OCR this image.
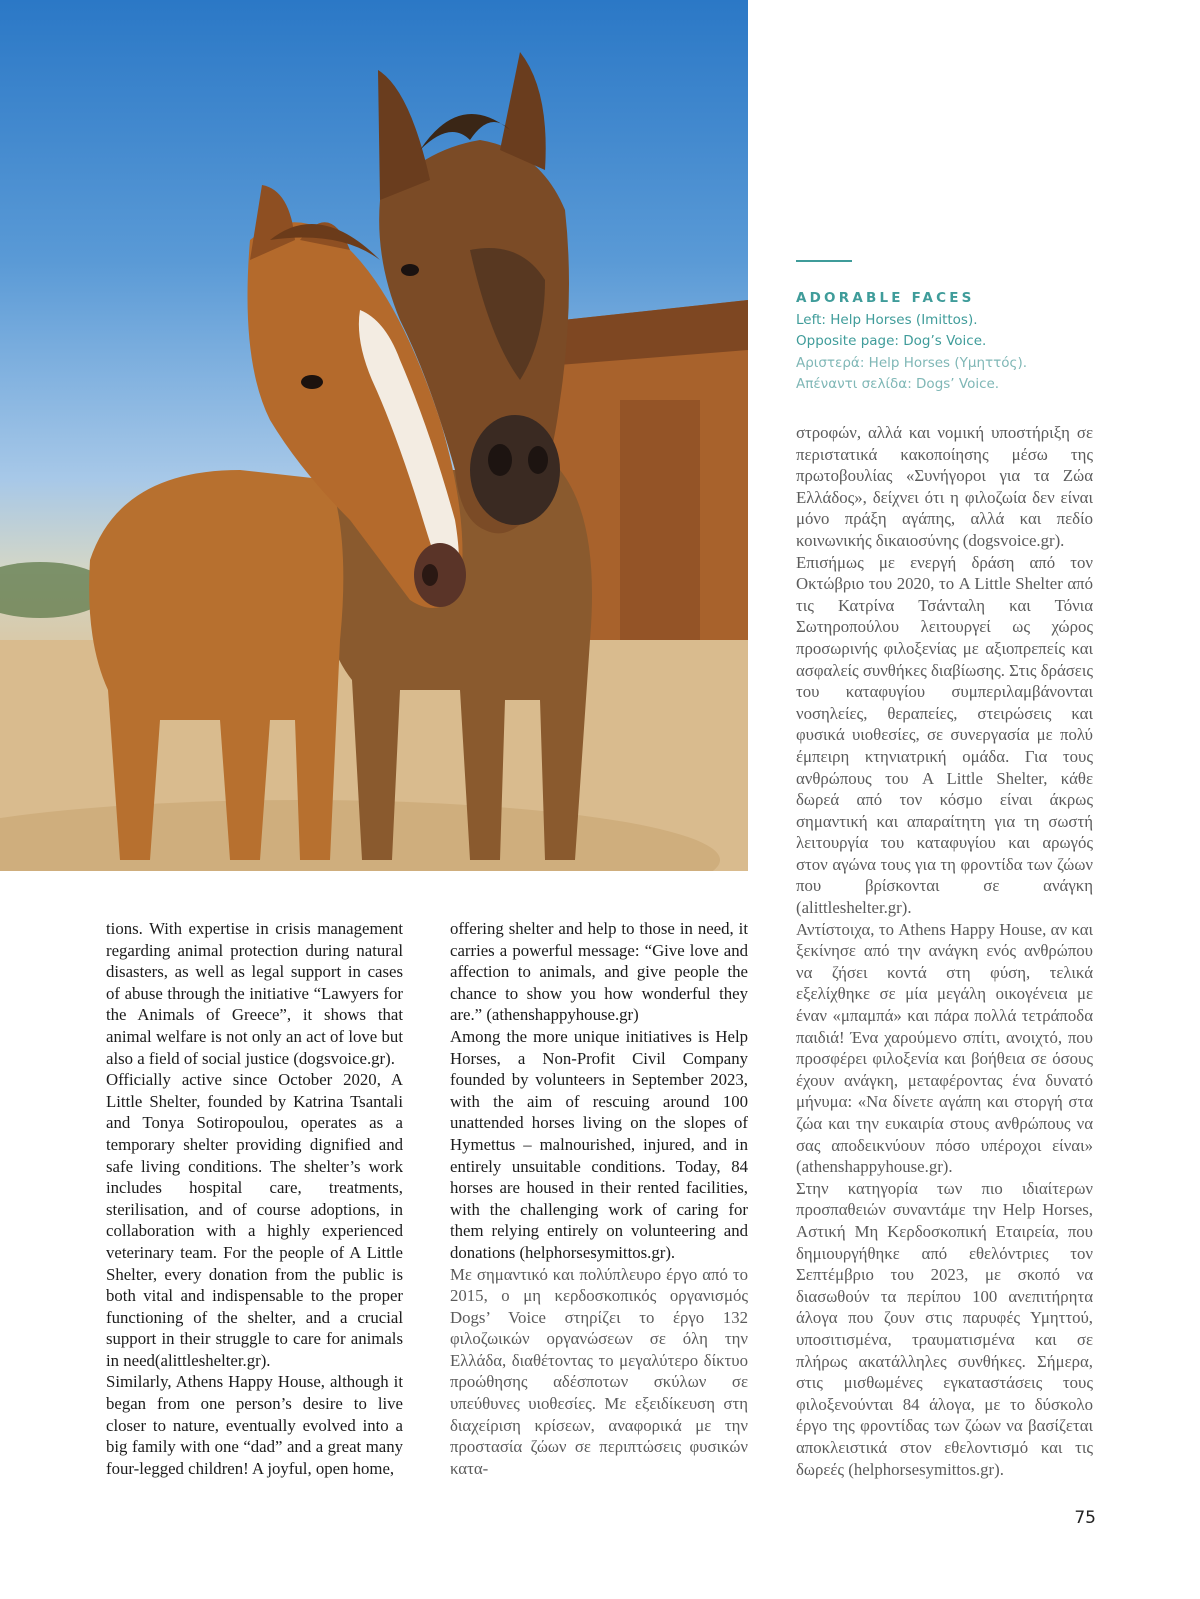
ADORABLE FACES
Left: Help Horses (Imittos).
Opposite page: Dog’s Voice.
Αριστερά: Help Horses (Υμηττός).
Απέναντι σελίδα: Dogs’ Voice.

tions. With expertise in crisis management regarding animal protection during natural disasters, as well as legal support in cases of abuse through the initiative “Lawyers for the Animals of Greece”, it shows that animal welfare is not only an act of love but also a field of social justice (dogsvoice.gr).

Officially active since October 2020, A Little Shelter, founded by Katrina Tsantali and Tonya Sotiropoulou, operates as a temporary shelter providing dignified and safe living conditions. The shelter’s work includes hospital care, treatments, sterilisation, and of course adoptions, in collaboration with a highly experienced veterinary team. For the people of A Little Shelter, every donation from the public is both vital and indispensable to the proper functioning of the shelter, and a crucial support in their struggle to care for animals in need(alittleshelter.gr).

Similarly, Athens Happy House, although it began from one person’s desire to live closer to nature, eventually evolved into a big family with one “dad” and a great many four-legged children! A joyful, open home,

offering shelter and help to those in need, it carries a powerful message: “Give love and affection to animals, and give people the chance to show you how wonderful they are.” (athenshappyhouse.gr)

Among the more unique initiatives is Help Horses, a Non-Profit Civil Company founded by volunteers in September 2023, with the aim of rescuing around 100 unattended horses living on the slopes of Hymettus – malnourished, injured, and in entirely unsuitable conditions. Today, 84 horses are housed in their rented facilities, with the challenging work of caring for them relying entirely on volunteering and donations (helphorsesymittos.gr).

Με σημαντικό και πολύπλευρο έργο από το 2015, ο μη κερδοσκοπικός οργανισμός Dogs’ Voice στηρίζει το έργο 132 φιλοζωικών οργανώσεων σε όλη την Ελλάδα, διαθέτοντας το μεγαλύτερο δίκτυο προώθησης αδέσποτων σκύλων σε υπεύθυνες υιοθεσίες. Με εξειδίκευση στη διαχείριση κρίσεων, αναφορικά με την προστασία ζώων σε περιπτώσεις φυσικών κατα-

στροφών, αλλά και νομική υποστήριξη σε περιστατικά κακοποίησης μέσω της πρωτοβουλίας «Συνήγοροι για τα Ζώα Ελλάδος», δείχνει ότι η φιλοζωία δεν είναι μόνο πράξη αγάπης, αλλά και πεδίο κοινωνικής δικαιοσύνης (dogsvoice.gr).

Επισήμως με ενεργή δράση από τον Οκτώβριο του 2020, το A Little Shelter από τις Κατρίνα Τσάνταλη και Τόνια Σωτηροπούλου λειτουργεί ως χώρος προσωρινής φιλοξενίας με αξιοπρεπείς και ασφαλείς συνθήκες διαβίωσης. Στις δράσεις του καταφυγίου συμπεριλαμβάνονται νοσηλείες, θεραπείες, στειρώσεις και φυσικά υιοθεσίες, σε συνεργασία με πολύ έμπειρη κτηνιατρική ομάδα. Για τους ανθρώπους του A Little Shelter, κάθε δωρεά από τον κόσμο είναι άκρως σημαντική και απαραίτητη για τη σωστή λειτουργία του καταφυγίου και αρωγός στον αγώνα τους για τη φροντίδα των ζώων που βρίσκονται σε ανάγκη (alittleshelter.gr).

Αντίστοιχα, το Athens Happy House, αν και ξεκίνησε από την ανάγκη ενός ανθρώπου να ζήσει κοντά στη φύση, τελικά εξελίχθηκε σε μία μεγάλη οικογένεια με έναν «μπαμπά» και πάρα πολλά τετράποδα παιδιά! Ένα χαρούμενο σπίτι, ανοιχτό, που προσφέρει φιλοξενία και βοήθεια σε όσους έχουν ανάγκη, μεταφέροντας ένα δυνατό μήνυμα: «Να δίνετε αγάπη και στοργή στα ζώα και την ευκαιρία στους ανθρώπους να σας αποδεικνύουν πόσο υπέροχοι είναι» (athenshappyhouse.gr).

Στην κατηγορία των πιο ιδιαίτερων προσπαθειών συναντάμε την Help Horses, Αστική Μη Κερδοσκοπική Εταιρεία, που δημιουργήθηκε από εθελόντριες τον Σεπτέμβριο του 2023, με σκοπό να διασωθούν τα περίπου 100 ανεπιτήρητα άλογα που ζουν στις παρυφές Υμηττού, υποσιτισμένα, τραυματισμένα και σε πλήρως ακατάλληλες συνθήκες. Σήμερα, στις μισθωμένες εγκαταστάσεις τους φιλοξενούνται 84 άλογα, με το δύσκολο έργο της φροντίδας των ζώων να βασίζεται αποκλειστικά στον εθελοντισμό και τις δωρεές (helphorsesymittos.gr).

75
